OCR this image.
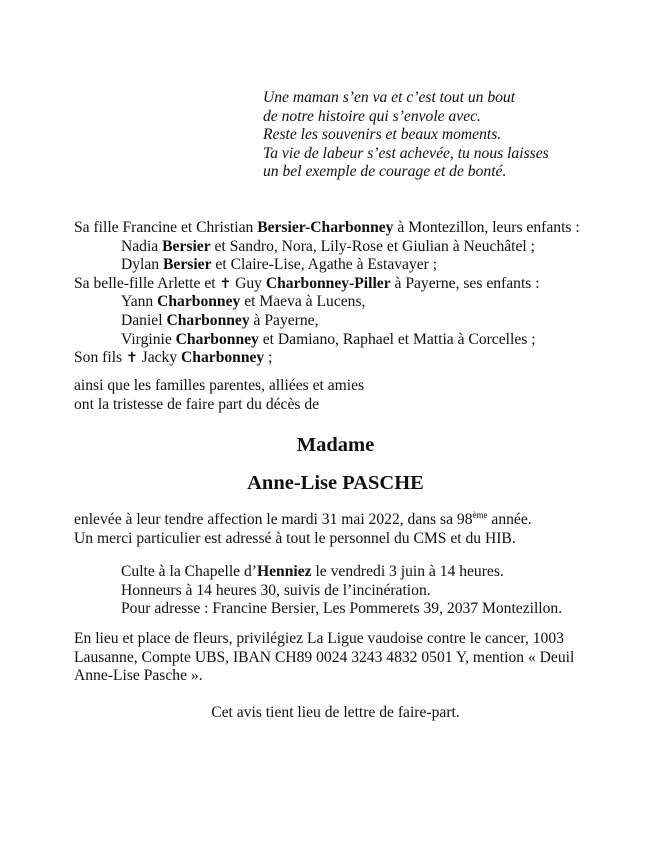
Une maman s’en va et c’est tout un bout
de notre histoire qui s’envole avec.
Reste les souvenirs et beaux moments.
Ta vie de labeur s’est achevée, tu nous laisses
un bel exemple de courage et de bonté.
Sa fille Francine et Christian Bersier-Charbonney à Montezillon, leurs enfants :
Nadia Bersier et Sandro, Nora, Lily-Rose et Giulian à Neuchâtel ;
Dylan Bersier et Claire-Lise, Agathe à Estavayer ;
Sa belle-fille Arlette et ✝ Guy Charbonney-Piller à Payerne, ses enfants :
Yann Charbonney et Maeva à Lucens,
Daniel Charbonney à Payerne,
Virginie Charbonney et Damiano, Raphael et Mattia à Corcelles ;
Son fils ✝ Jacky Charbonney ;
ainsi que les familles parentes, alliées et amies
ont la tristesse de faire part du décès de
Madame
Anne-Lise PASCHE
enlevée à leur tendre affection le mardi 31 mai 2022, dans sa 98ème année.
Un merci particulier est adressé à tout le personnel du CMS et du HIB.
Culte à la Chapelle d’Henniez le vendredi 3 juin à 14 heures.
Honneurs à 14 heures 30, suivis de l’incinération.
Pour adresse : Francine Bersier, Les Pommerets 39, 2037 Montezillon.
En lieu et place de fleurs, privilégiez La Ligue vaudoise contre le cancer, 1003
Lausanne, Compte UBS, IBAN CH89 0024 3243 4832 0501 Y, mention « Deuil
Anne-Lise Pasche ».
Cet avis tient lieu de lettre de faire-part.
